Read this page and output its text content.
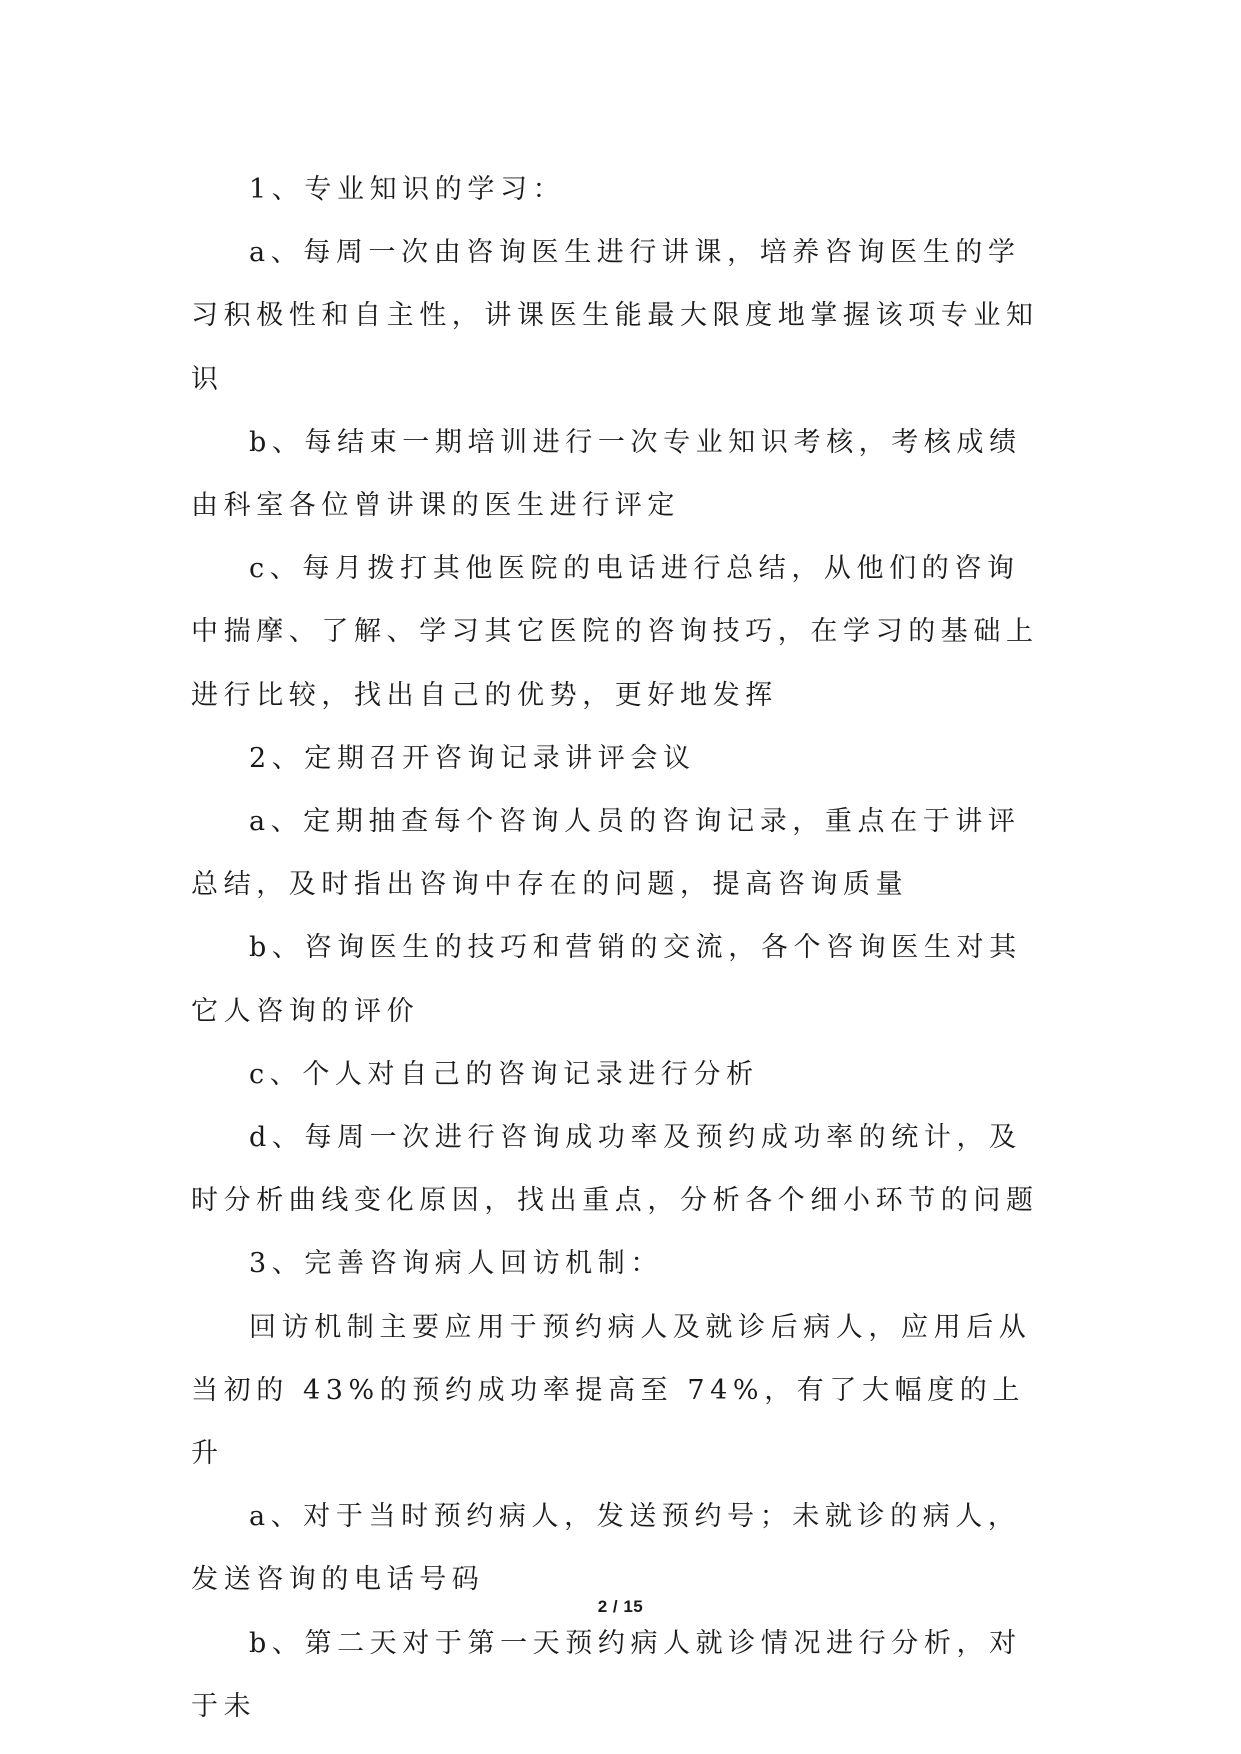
1、专业知识的学习：

a、每周一次由咨询医生进行讲课，培养咨询医生的学习积极性和自主性，讲课医生能最大限度地掌握该项专业知识

b、每结束一期培训进行一次专业知识考核，考核成绩由科室各位曾讲课的医生进行评定

c、每月拨打其他医院的电话进行总结，从他们的咨询中揣摩、了解、学习其它医院的咨询技巧，在学习的基础上进行比较，找出自己的优势，更好地发挥

2、定期召开咨询记录讲评会议

a、定期抽查每个咨询人员的咨询记录，重点在于讲评总结，及时指出咨询中存在的问题，提高咨询质量

b、咨询医生的技巧和营销的交流，各个咨询医生对其它人咨询的评价

c、个人对自己的咨询记录进行分析

d、每周一次进行咨询成功率及预约成功率的统计，及时分析曲线变化原因，找出重点，分析各个细小环节的问题

3、完善咨询病人回访机制：

回访机制主要应用于预约病人及就诊后病人，应用后从当初的 43%的预约成功率提高至 74%，有了大幅度的上升

a、对于当时预约病人，发送预约号；未就诊的病人，发送咨询的电话号码

b、第二天对于第一天预约病人就诊情况进行分析，对于未

2 / 15
